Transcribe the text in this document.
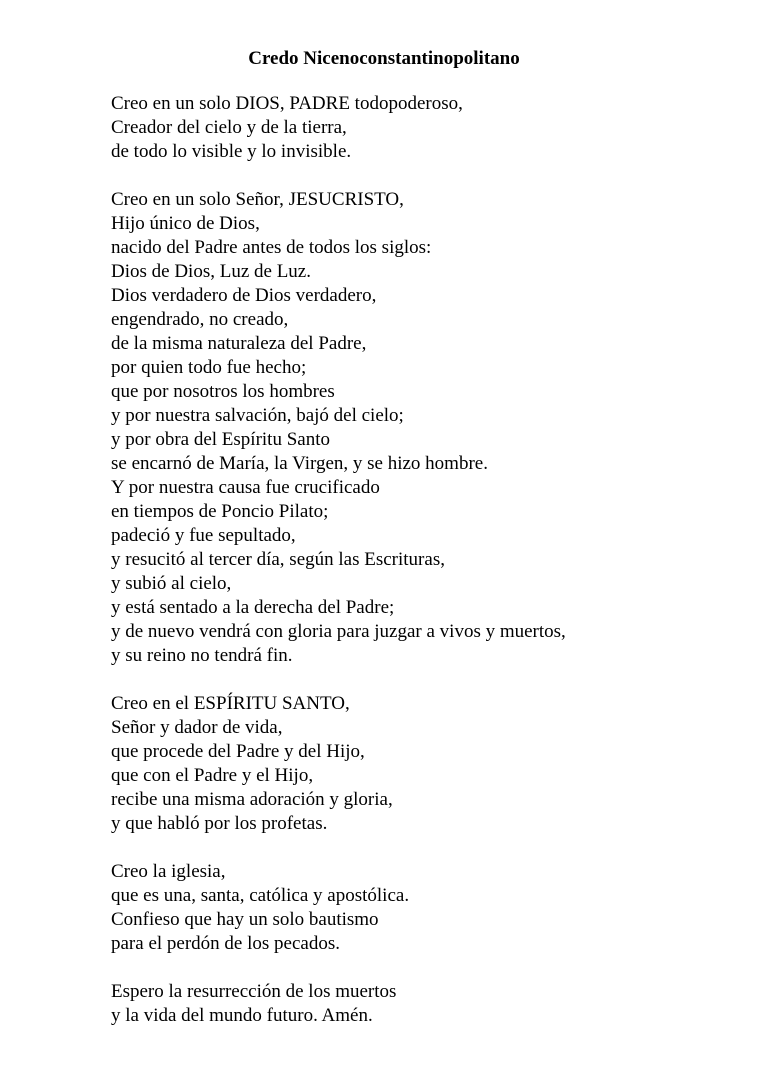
Credo Nicenoconstantinopolitano
Creo en un solo DIOS, PADRE todopoderoso,
Creador del cielo y de la tierra,
de todo lo visible y lo invisible.
Creo en un solo Señor, JESUCRISTO,
Hijo único de Dios,
nacido del Padre antes de todos los siglos:
Dios de Dios, Luz de Luz.
Dios verdadero de Dios verdadero,
engendrado, no creado,
de la misma naturaleza del Padre,
por quien todo fue hecho;
que por nosotros los hombres
y por nuestra salvación, bajó del cielo;
y por obra del Espíritu Santo
se encarnó de María, la Virgen, y se hizo hombre.
Y por nuestra causa fue crucificado
en tiempos de Poncio Pilato;
padeció y fue sepultado,
y resucitó al tercer día, según las Escrituras,
y subió al cielo,
y está sentado a la derecha del Padre;
y de nuevo vendrá con gloria para juzgar a vivos y muertos,
y su reino no tendrá fin.
Creo en el ESPÍRITU SANTO,
Señor y dador de vida,
que procede del Padre y del Hijo,
que con el Padre y el Hijo,
recibe una misma adoración y gloria,
y que habló por los profetas.
Creo la iglesia,
que es una, santa, católica y apostólica.
Confieso que hay un solo bautismo
para el perdón de los pecados.
Espero la resurrección de los muertos
y la vida del mundo futuro. Amén.
